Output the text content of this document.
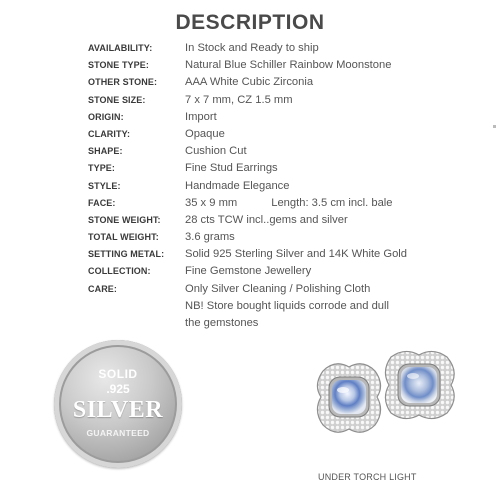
DESCRIPTION
AVAILABILITY:	In Stock and Ready to ship
STONE TYPE:	Natural Blue Schiller Rainbow Moonstone
OTHER STONE: AAA White Cubic Zirconia
STONE SIZE:	7 x 7 mm, CZ 1.5 mm
ORIGIN:	Import
CLARITY:	Opaque
SHAPE:	Cushion Cut
TYPE:	Fine Stud Earrings
STYLE:	Handmade Elegance
FACE:	35 x 9 mm	Length: 3.5 cm incl. bale
STONE WEIGHT: 28 cts TCW incl..gems and silver
TOTAL WEIGHT: 3.6 grams
SETTING METAL: Solid 925 Sterling Silver and 14K White Gold
COLLECTION:	Fine Gemstone Jewellery
CARE:	Only Silver Cleaning / Polishing Cloth
NB! Store bought liquids corrode and dull
the gemstones
SOLID
.925
SILVER
GUARANTEED
UNDER TORCH LIGHT
